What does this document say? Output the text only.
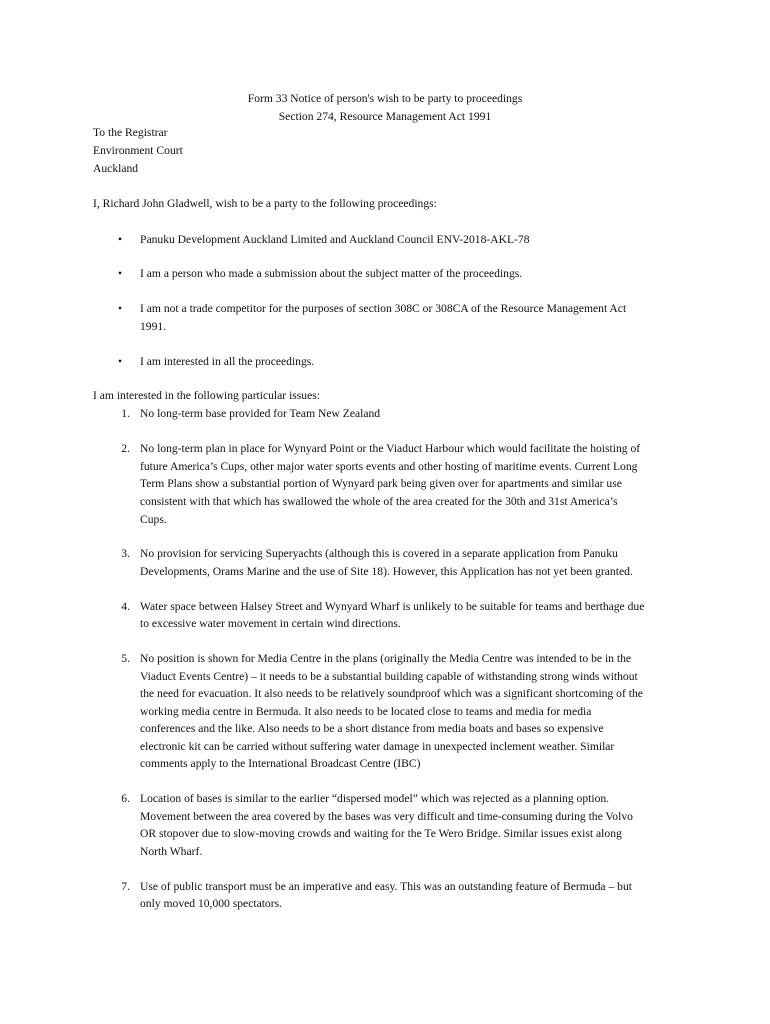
Form 33 Notice of person's wish to be party to proceedings
Section 274, Resource Management Act 1991
To the Registrar
Environment Court
Auckland
I, Richard John Gladwell, wish to be a party to the following proceedings:
• Panuku Development Auckland Limited and Auckland Council ENV-2018-AKL-78
• I am a person who made a submission about the subject matter of the proceedings.
• I am not a trade competitor for the purposes of section 308C or 308CA of the Resource Management Act
1991.
• I am interested in all the proceedings.
I am interested in the following particular issues:
1. No long-term base provided for Team New Zealand
2. No long-term plan in place for Wynyard Point or the Viaduct Harbour which would facilitate the hoisting of
future America’s Cups, other major water sports events and other hosting of maritime events. Current Long
Term Plans show a substantial portion of Wynyard park being given over for apartments and similar use
consistent with that which has swallowed the whole of the area created for the 30th and 31st America’s
Cups.
3. No provision for servicing Superyachts (although this is covered in a separate application from Panuku
Developments, Orams Marine and the use of Site 18). However, this Application has not yet been granted.
4. Water space between Halsey Street and Wynyard Wharf is unlikely to be suitable for teams and berthage due
to excessive water movement in certain wind directions.
5. No position is shown for Media Centre in the plans (originally the Media Centre was intended to be in the
Viaduct Events Centre) – it needs to be a substantial building capable of withstanding strong winds without
the need for evacuation. It also needs to be relatively soundproof which was a significant shortcoming of the
working media centre in Bermuda. It also needs to be located close to teams and media for media
conferences and the like. Also needs to be a short distance from media boats and bases so expensive
electronic kit can be carried without suffering water damage in unexpected inclement weather. Similar
comments apply to the International Broadcast Centre (IBC)
6. Location of bases is similar to the earlier “dispersed model” which was rejected as a planning option.
Movement between the area covered by the bases was very difficult and time-consuming during the Volvo
OR stopover due to slow-moving crowds and waiting for the Te Wero Bridge. Similar issues exist along
North Wharf.
7. Use of public transport must be an imperative and easy. This was an outstanding feature of Bermuda – but
only moved 10,000 spectators.
